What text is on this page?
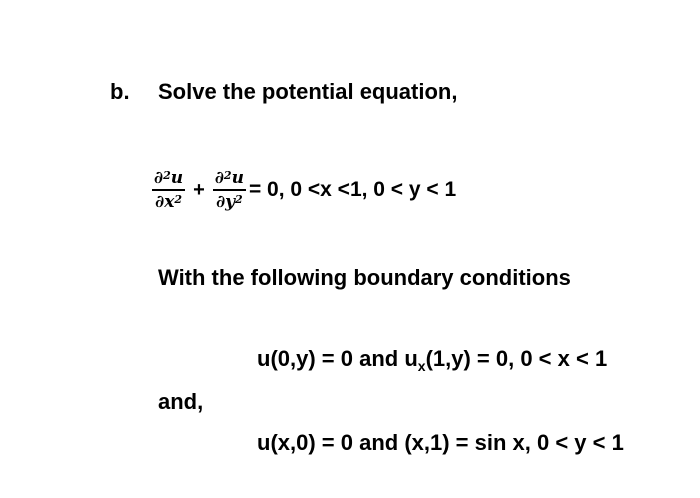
b. Solve the potential equation,
$\frac{\partial^2u}{\partial x^2} + \frac{\partial^2u}{\partial y^2} = 0$, 0 <x <1, 0 < y < 1
With the following boundary conditions
u(0,y) = 0 and $u_x(1,y) = 0$, 0 < x < 1
and,
u(x,0) = 0 and (x,1) = sin x, 0 < y < 1
